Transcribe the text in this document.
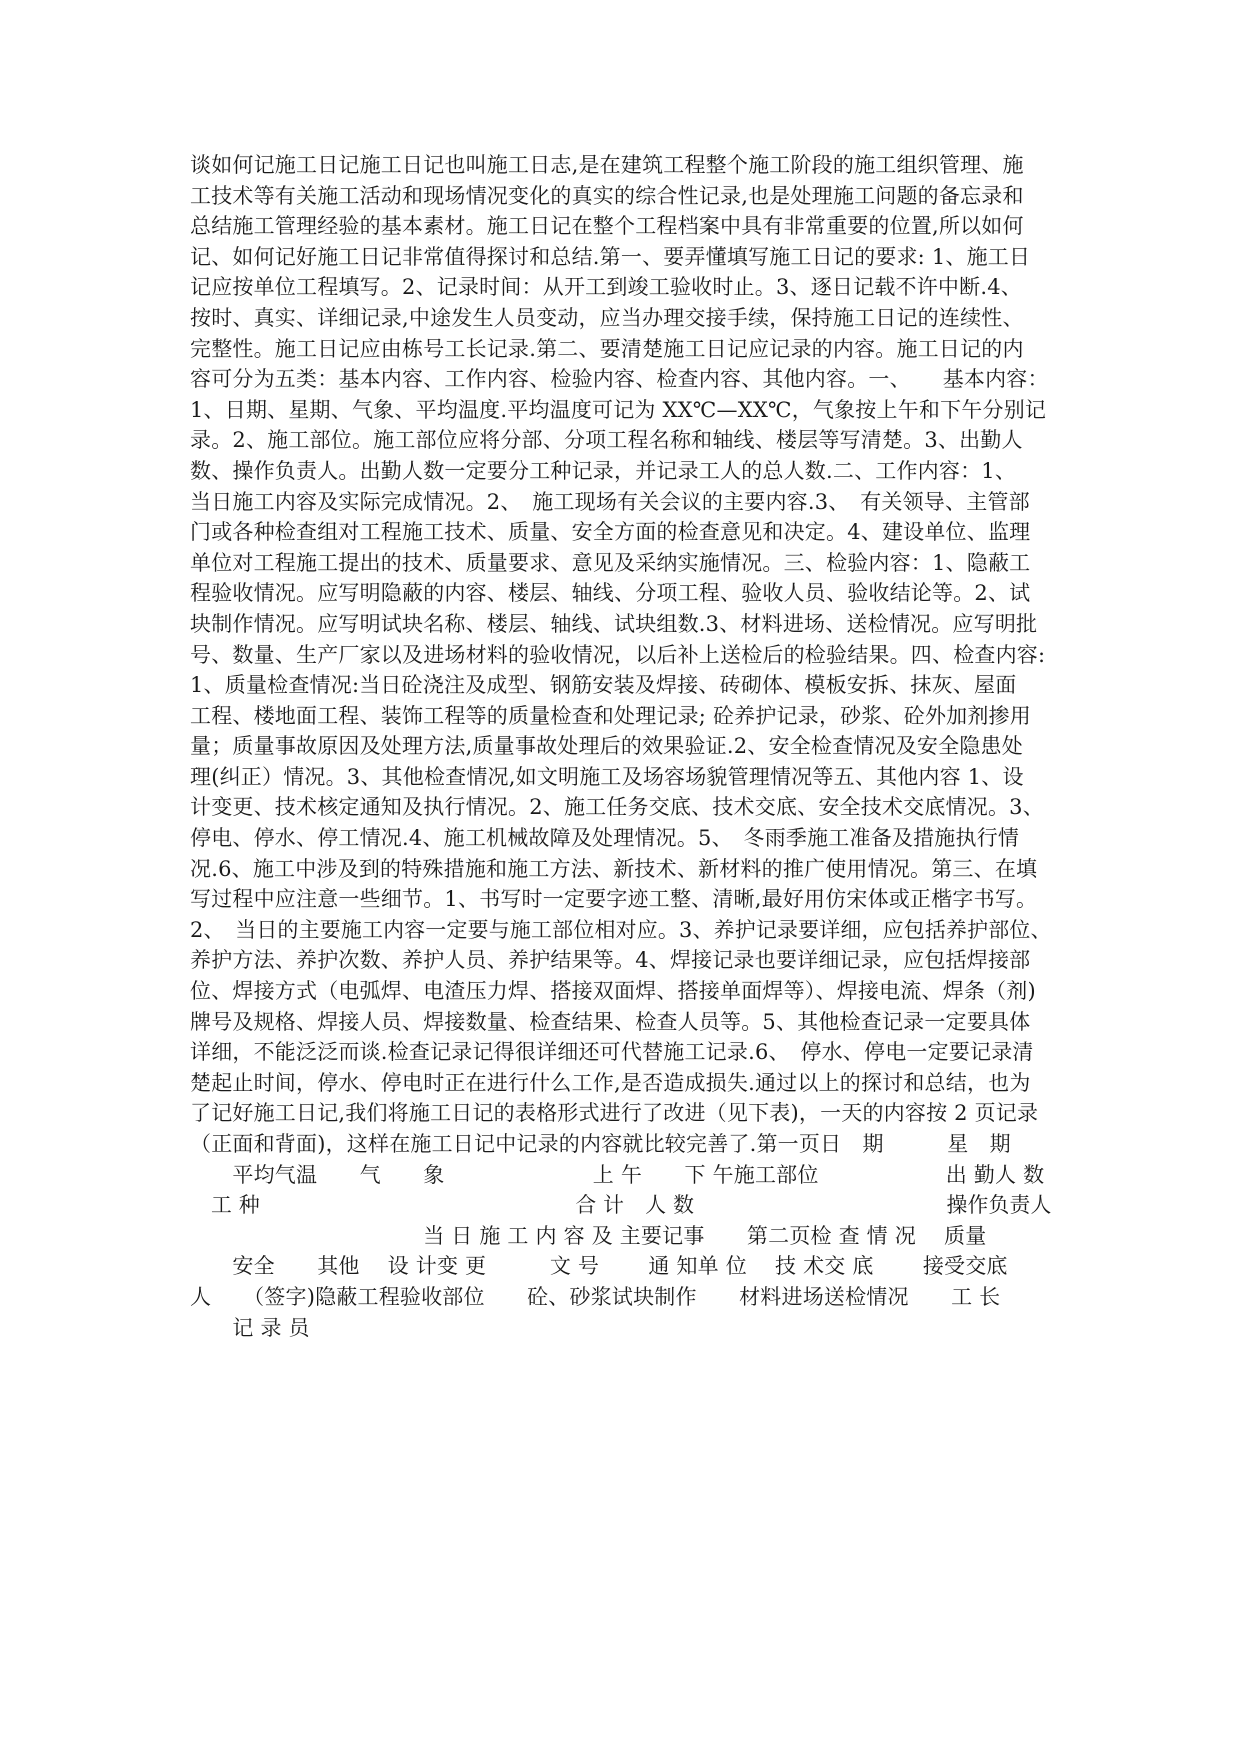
谈如何记施工日记施工日记也叫施工日志,是在建筑工程整个施工阶段的施工组织管理、施
工技术等有关施工活动和现场情况变化的真实的综合性记录,也是处理施工问题的备忘录和
总结施工管理经验的基本素材。施工日记在整个工程档案中具有非常重要的位置,所以如何
记、如何记好施工日记非常值得探讨和总结.第一、要弄懂填写施工日记的要求: 1、施工日
记应按单位工程填写。2、记录时间：从开工到竣工验收时止。3、逐日记载不许中断.4、
按时、真实、详细记录,中途发生人员变动，应当办理交接手续，保持施工日记的连续性、
完整性。施工日记应由栋号工长记录.第二、要清楚施工日记应记录的内容。施工日记的内
容可分为五类：基本内容、工作内容、检验内容、检查内容、其他内容。一、　　基本内容：
1、日期、星期、气象、平均温度.平均温度可记为 XX℃—XX℃，气象按上午和下午分别记
录。2、施工部位。施工部位应将分部、分项工程名称和轴线、楼层等写清楚。3、出勤人
数、操作负责人。出勤人数一定要分工种记录，并记录工人的总人数.二、工作内容：1、
当日施工内容及实际完成情况。2、　施工现场有关会议的主要内容.3、　有关领导、主管部
门或各种检查组对工程施工技术、质量、安全方面的检查意见和决定。4、建设单位、监理
单位对工程施工提出的技术、质量要求、意见及采纳实施情况。三、检验内容：1、隐蔽工
程验收情况。应写明隐蔽的内容、楼层、轴线、分项工程、验收人员、验收结论等。2、试
块制作情况。应写明试块名称、楼层、轴线、试块组数.3、材料进场、送检情况。应写明批
号、数量、生产厂家以及进场材料的验收情况，以后补上送检后的检验结果。四、检查内容:
1、质量检查情况:当日砼浇注及成型、钢筋安装及焊接、砖砌体、模板安拆、抹灰、屋面
工程、楼地面工程、装饰工程等的质量检查和处理记录; 砼养护记录，砂浆、砼外加剂掺用
量；质量事故原因及处理方法,质量事故处理后的效果验证.2、安全检查情况及安全隐患处
理(纠正）情况。3、其他检查情况,如文明施工及场容场貌管理情况等五、其他内容 1、设
计变更、技术核定通知及执行情况。2、施工任务交底、技术交底、安全技术交底情况。3、
停电、停水、停工情况.4、施工机械故障及处理情况。5、　冬雨季施工准备及措施执行情
况.6、施工中涉及到的特殊措施和施工方法、新技术、新材料的推广使用情况。第三、在填
写过程中应注意一些细节。1、书写时一定要字迹工整、清晰,最好用仿宋体或正楷字书写。
2、　当日的主要施工内容一定要与施工部位相对应。3、养护记录要详细，应包括养护部位、
养护方法、养护次数、养护人员、养护结果等。4、焊接记录也要详细记录，应包括焊接部
位、焊接方式（电弧焊、电渣压力焊、搭接双面焊、搭接单面焊等）、焊接电流、焊条（剂)
牌号及规格、焊接人员、焊接数量、检查结果、检查人员等。5、其他检查记录一定要具体
详细，不能泛泛而谈.检查记录记得很详细还可代替施工记录.6、　停水、停电一定要记录清
楚起止时间，停水、停电时正在进行什么工作,是否造成损失.通过以上的探讨和总结，也为
了记好施工日记,我们将施工日记的表格形式进行了改进（见下表)，一天的内容按 2 页记录
（正面和背面)，这样在施工日记中记录的内容就比较完善了.第一页日　期　　　星　期
　　平均气温　　气　　象　　　　　　　上 午　　下 午施工部位　　　　　　出 勤人 数
　工 种　　　　　　　　　　　　　　　合 计　人 数　　　　　　　　　　　　操作负责人
　　　　　　　　　　　当 日 施 工 内 容 及 主要记事　　第二页检 查 情 况　 质量
　　安全　　其他　 设 计变 更　　　文 号　　 通 知单 位　 技 术交 底　　 接受交底
人　　（签字)隐蔽工程验收部位　　砼、砂浆试块制作　　材料进场送检情况　　工 长
　　记 录 员
